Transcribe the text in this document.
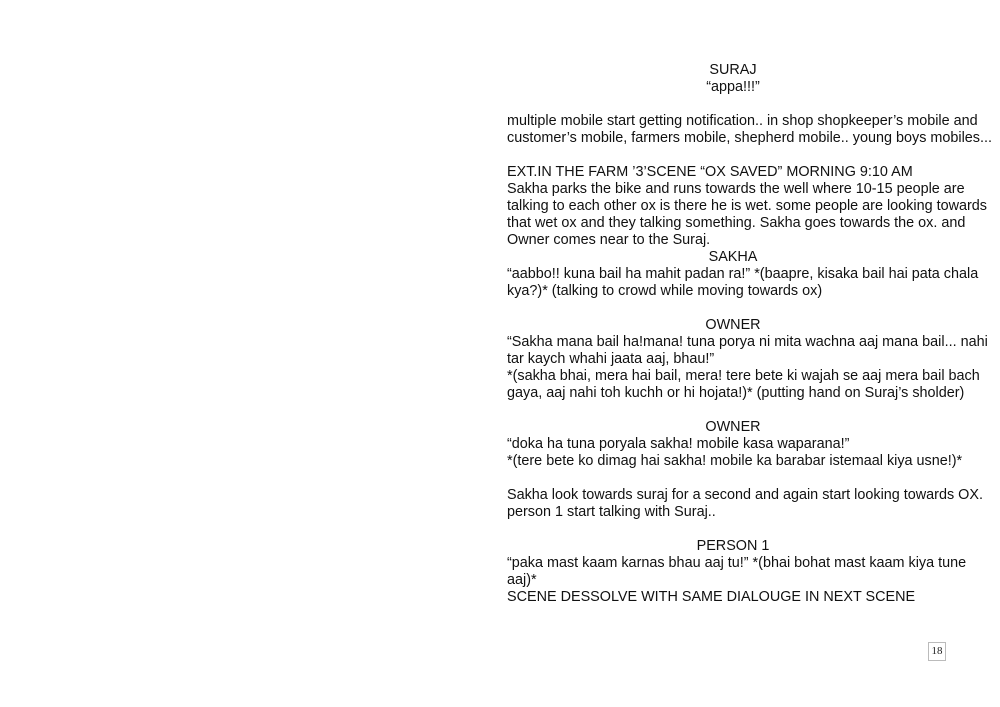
SURAJ
“appa!!!”
multiple mobile start getting notification.. in shop shopkeeper’s mobile and
customer’s mobile, farmers mobile, shepherd mobile.. young boys mobiles...
EXT.IN THE FARM ’3’SCENE “OX SAVED” MORNING 9:10 AM
Sakha parks the bike and runs towards the well where 10-15 people are
talking to each other ox is there he is wet. some people are looking towards
that wet ox and they talking something. Sakha goes towards the ox. and
Owner comes near to the Suraj.
SAKHA
“aabbo!! kuna bail ha mahit padan ra!” *(baapre, kisaka bail hai pata chala
kya?)* (talking to crowd while moving towards ox)
OWNER
“Sakha mana bail ha!mana! tuna porya ni mita wachna aaj mana bail... nahi
tar kaych whahi jaata aaj, bhau!”
*(sakha bhai, mera hai bail, mera! tere bete ki wajah se aaj mera bail bach
gaya, aaj nahi toh kuchh or hi hojata!)* (putting hand on Suraj’s sholder)
OWNER
“doka ha tuna poryala sakha! mobile kasa waparana!”
*(tere bete ko dimag hai sakha! mobile ka barabar istemaal kiya usne!)*
Sakha look towards suraj for a second and again start looking towards OX.
person 1 start talking with Suraj..
PERSON 1
“paka mast kaam karnas bhau aaj tu!” *(bhai bohat mast kaam kiya tune
aaj)*
SCENE DESSOLVE WITH SAME DIALOUGE IN NEXT SCENE
18
